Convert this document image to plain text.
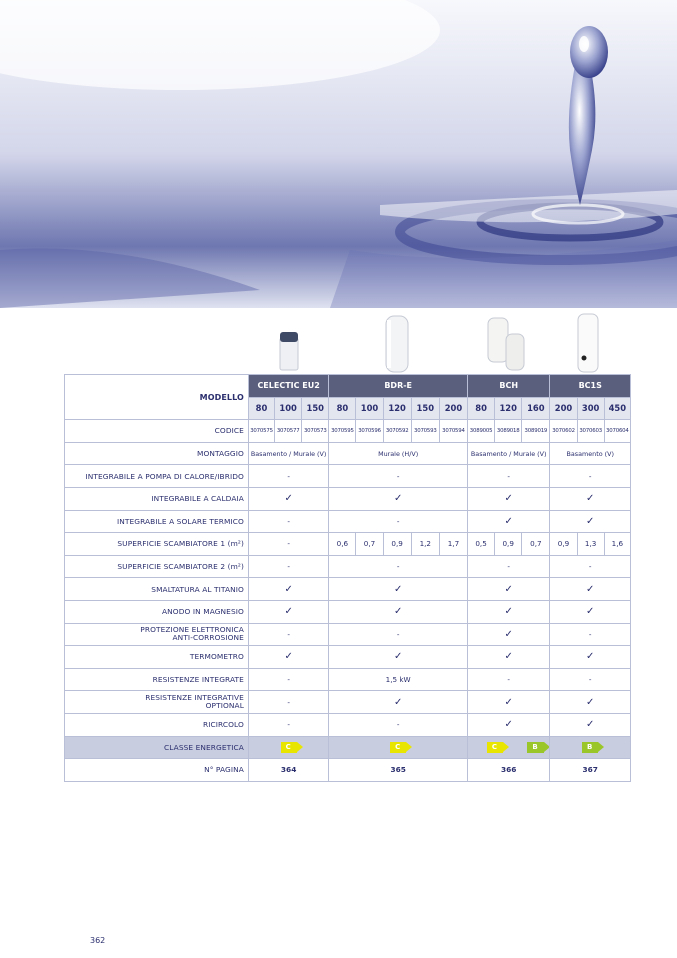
MODELLO	CELECTIC EU2			BDR-E					BCH			BC1S		
	80	100	150	80	100	120	150	200	80	120	160	200	300	450
CODICE	3070575	3070577	3070573	3070595	3070596	3070592	3070593	3070594	3089005	3089018	3089019	3070602	3070603	3070604
MONTAGGIO	Basamento / Murale (V)			Murale (H/V)					Basamento / Murale (V)			Basamento (V)		
INTEGRABILE A POMPA DI CALORE/IBRIDO	-			-					-			-		
INTEGRABILE A CALDAIA	✓			✓					✓			✓		
INTEGRABILE A SOLARE TERMICO	-			-					✓			✓		
SUPERFICIE SCAMBIATORE 1 (m²)	-			0,6	0,7	0,9	1,2	1,7	0,5	0,9	0,7	0,9	1,3	1,6
SUPERFICIE SCAMBIATORE 2 (m²)	-			-					-			-		
SMALTATURA AL TITANIO	✓			✓					✓			✓		
ANODO IN MAGNESIO	✓			✓					✓			✓		
PROTEZIONE ELETTRONICA
ANTI-CORROSIONE	-			-					✓			-		
TERMOMETRO	✓			✓					✓			✓		
RESISTENZE INTEGRATE	-			1,5 kW					-			-		
RESISTENZE INTEGRATIVE
OPTIONAL	-			✓					✓			✓		
RICIRCOLO	-			-					✓			✓		
CLASSE ENERGETICA	C			C					C		B	B		
N° PAGINA	364			365					366			367		
362
